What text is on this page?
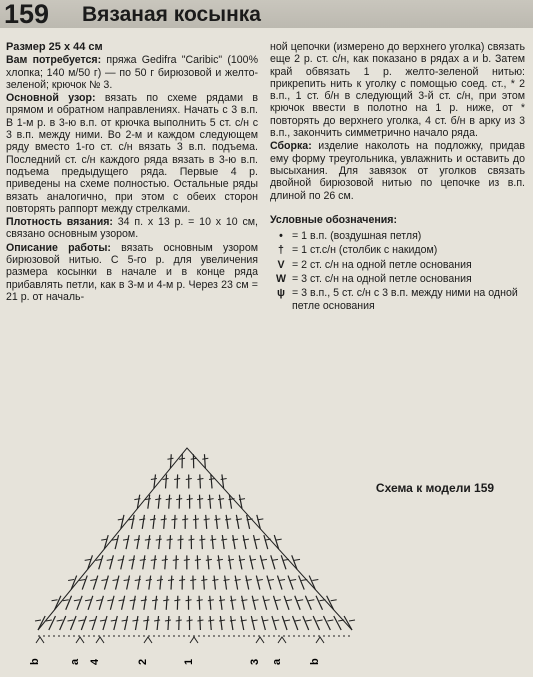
159 Вязаная косынка

Размер 25 х 44 см

Вам потребуется: пряжа Gedifra "Caribic" (100% хлопка; 140 м/50 г) — по 50 г бирюзовой и желто-зеленой; крючок № 3.

Основной узор: вязать по схеме рядами в прямом и обратном направлениях. Начать с 3 в.п. В 1-м р. в 3-ю в.п. от крючка выполнить 5 ст. с/н с 3 в.п. между ними. Во 2-м и каждом следующем ряду вместо 1-го ст. с/н вязать 3 в.п. подъема. Последний ст. с/н каждого ряда вязать в 3-ю в.п. подъема предыдущего ряда. Первые 4 р. приведены на схеме полностью. Остальные ряды вязать аналогично, при этом с обеих сторон повторять раппорт между стрелками.

Плотность вязания: 34 п. х 13 р. = 10 х 10 см, связано основным узором.

Описание работы: вязать основным узором бирюзовой нитью. С 5-го р. для увеличения размера косынки в начале и в конце ряда прибавлять петли, как в 3-м и 4-м р. Через 23 см = 21 р. от началь-

ной цепочки (измерено до верхнего уголка) связать еще 2 р. ст. с/н, как показано в рядах а и b. Затем край обвязать 1 р. желто-зеленой нитью: прикрепить нить к уголку с помощью соед. ст., * 2 в.п., 1 ст. б/н в следующий 3-й ст. с/н, при этом крючок ввести в полотно на 1 р. ниже, от * повторять до верхнего уголка, 4 ст. б/н в арку из 3 в.п., закончить симметрично начало ряда.

Сборка: изделие наколоть на подложку, придав ему форму треугольника, увлажнить и оставить до высыхания. Для завязок от уголков связать двойной бирюзовой нитью по цепочке из в.п. длиной по 26 см.

Условные обозначения:
• = 1 в.п. (воздушная петля)
† = 1 ст.с/н (столбик с накидом)
V = 2 ст. с/н на одной петле основания
W = 3 ст. с/н на одной петле основания
ψ = 3 в.п., 5 ст. с/н с 3 в.п. между ними на одной петле основания
Схема к модели 159
b	a 4	2	1	3 a b
